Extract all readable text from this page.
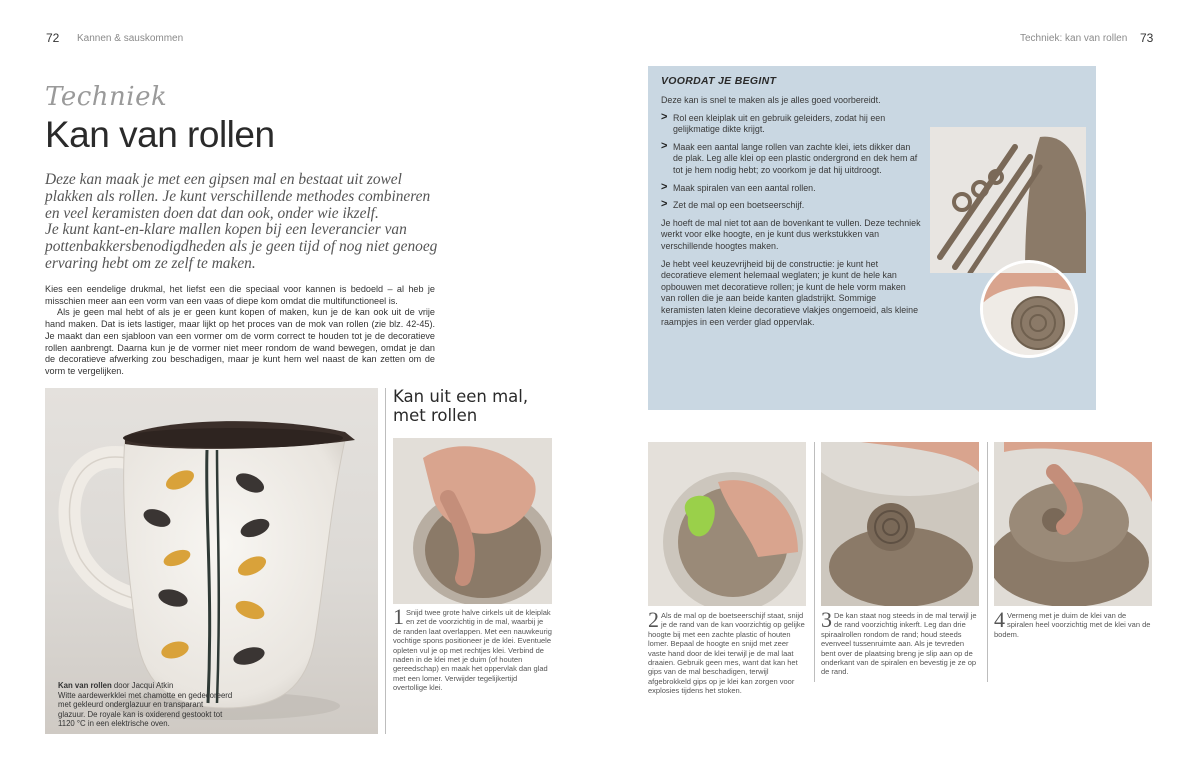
72 Kannen & sauskommen
Techniek
Kan van rollen

Deze kan maak je met een gipsen mal en bestaat uit zowel

plakken als rollen. Je kunt verschillende methodes combineren

en veel keramisten doen dat dan ook, onder wie ikzelf.

Je kunt kant-en-klare mallen kopen bij een leverancier van

pottenbakkersbenodigdheden als je geen tijd of nog niet genoeg

ervaring hebt om ze zelf te maken.

Kies een eendelige drukmal, het liefst een die speciaal voor kannen is bedoeld – al heb je misschien meer aan een vorm van een vaas of diepe kom omdat die multifunctioneel is.

Als je geen mal hebt of als je er geen kunt kopen of maken, kun je de kan ook uit de vrije hand maken. Dat is iets lastiger, maar lijkt op het proces van de mok van rollen (zie blz. 42-45). Je maakt dan een sjabloon van een vormer om de vorm correct te houden tot je de decoratieve rollen aanbrengt. Daarna kun je de vormer niet meer rondom de wand bewegen, omdat je dan de decoratieve afwerking zou beschadigen, maar je kunt hem wel naast de kan zetten om de vorm te vergelijken.

Kan van rollen door Jacqui Atkin
Witte aardewerkklei met chamotte en gedecoreerd
met gekleurd onderglazuur en transparant
glazuur. De royale kan is oxiderend gestookt tot
1120 °C in een elektrische oven.
Kan uit een mal,
met rollen
1 Snijd twee grote halve cirkels uit de kleiplak en zet de voorzichtig in de mal, waarbij je de randen laat overlappen. Met een nauwkeurig vochtige spons positioneer je de klei. Eventuele opleten vul je op met rechtjes klei. Verbind de naden in de klei met je duim (of houten gereedschap) en maak het oppervlak dan glad met een lomer. Verwijder tegelijkertijd overtollige klei.
Techniek: kan van rollen 73
VOORDAT JE BEGINT

Deze kan is snel te maken als je alles goed voorbereidt.

> Rol een kleiplak uit en gebruik geleiders, zodat hij een gelijkmatige dikte krijgt.
> Maak een aantal lange rollen van zachte klei, iets dikker dan de plak. Leg alle klei op een plastic ondergrond en dek hem af tot je hem nodig hebt; zo voorkom je dat hij uitdroogt.
> Maak spiralen van een aantal rollen.
> Zet de mal op een boetseerschijf.

Je hoeft de mal niet tot aan de bovenkant te vullen. Deze techniek werkt voor elke hoogte, en je kunt dus werkstukken van verschillende hoogtes maken.

Je hebt veel keuzevrijheid bij de constructie: je kunt het decoratieve element helemaal weglaten; je kunt de hele kan opbouwen met decoratieve rollen; je kunt de hele vorm maken van rollen die je aan beide kanten gladstrijkt. Sommige keramisten laten kleine decoratieve vlakjes ongemoeid, als kleine raampjes in een verder glad oppervlak.

2 Als de mal op de boetseerschijf staat, snijd je de rand van de kan voorzichtig op gelijke hoogte bij met een zachte plastic of houten lomer. Bepaal de hoogte en snijd met zeer vaste hand door de klei terwijl je de mal laat draaien. Gebruik geen mes, want dat kan het gips van de mal beschadigen, terwijl afgebrokkeld gips op je klei kan zorgen voor explosies tijdens het stoken.
3 De kan staat nog steeds in de mal terwijl je de rand voorzichtig inkerft. Leg dan drie spiraalrollen rondom de rand; houd steeds evenveel tussenruimte aan. Als je tevreden bent over de plaatsing breng je slip aan op de onderkant van de spiralen en bevestig je ze op de rand.
4 Vermeng met je duim de klei van de spiralen heel voorzichtig met de klei van de bodem.
